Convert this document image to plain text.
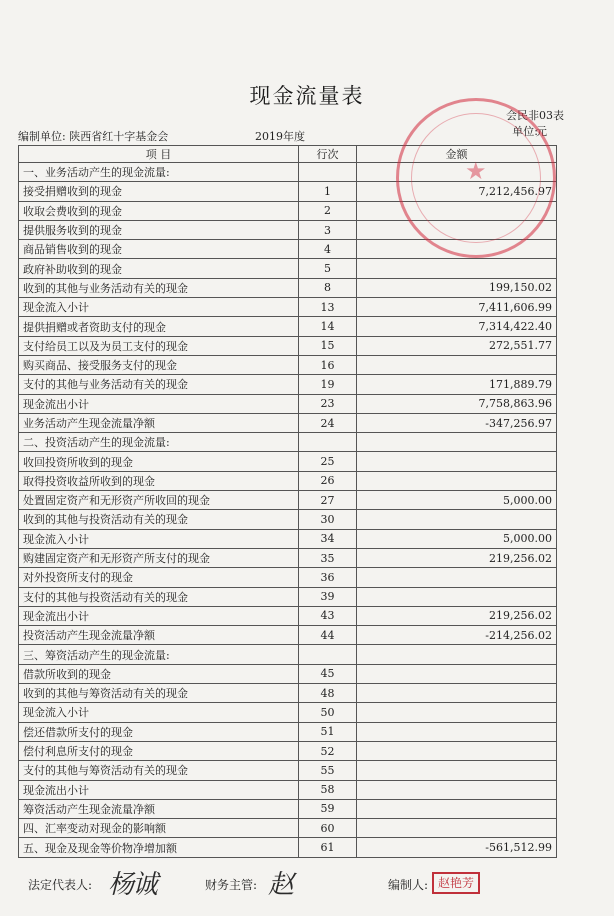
现金流量表
会民非03表
单位:
元
编制单位: 陕西省红十字基金会	2019年度
项 目	行次	金额
一、业务活动产生的现金流量:		
接受捐赠收到的现金	1	7,212,456.97
收取会费收到的现金	2	
提供服务收到的现金	3	
商品销售收到的现金	4	
政府补助收到的现金	5	
收到的其他与业务活动有关的现金	8	199,150.02
现金流入小计	13	7,411,606.99
提供捐赠或者资助支付的现金	14	7,314,422.40
支付给员工以及为员工支付的现金	15	272,551.77
购买商品、接受服务支付的现金	16	
支付的其他与业务活动有关的现金	19	171,889.79
现金流出小计	23	7,758,863.96
业务活动产生现金流量净额	24	-347,256.97
二、投资活动产生的现金流量:		
收回投资所收到的现金	25	
取得投资收益所收到的现金	26	
处置固定资产和无形资产所收回的现金	27	5,000.00
收到的其他与投资活动有关的现金	30	
现金流入小计	34	5,000.00
购建固定资产和无形资产所支付的现金	35	219,256.02
对外投资所支付的现金	36	
支付的其他与投资活动有关的现金	39	
现金流出小计	43	219,256.02
投资活动产生现金流量净额	44	-214,256.02
三、筹资活动产生的现金流量:		
借款所收到的现金	45	
收到的其他与筹资活动有关的现金	48	
现金流入小计	50	
偿还借款所支付的现金	51	
偿付利息所支付的现金	52	
支付的其他与筹资活动有关的现金	55	
现金流出小计	58	
筹资活动产生现金流量净额	59	
四、汇率变动对现金的影响额	60	
五、现金及现金等价物净增加额	61	-561,512.99
★
法定代表人: 杨诚	财务主管: 赵	编制人: 赵艳芳
